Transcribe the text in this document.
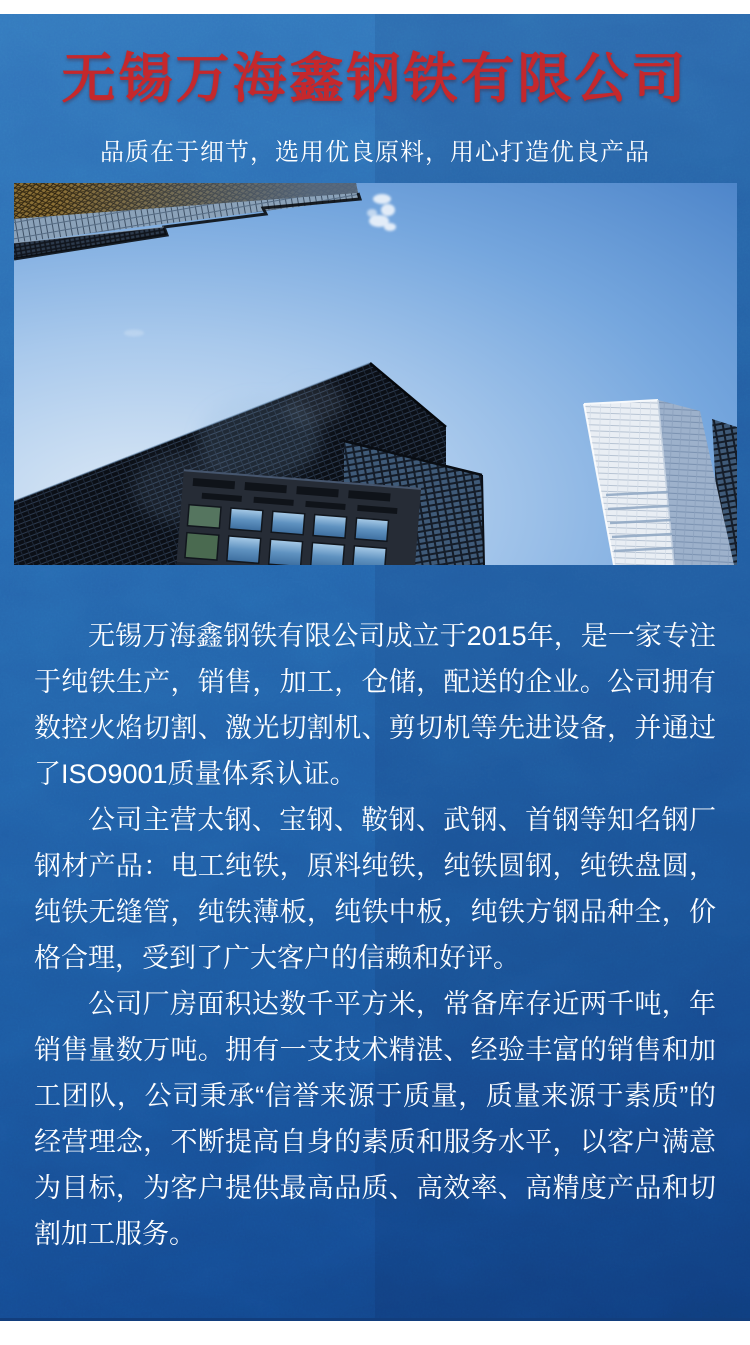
无锡万海鑫钢铁有限公司
品质在于细节，选用优良原料，用心打造优良产品

无锡万海鑫钢铁有限公司成立于2015年，是一家专注于纯铁生产，销售，加工，仓储，配送的企业。公司拥有数控火焰切割、激光切割机、剪切机等先进设备，并通过了ISO9001质量体系认证。

公司主营太钢、宝钢、鞍钢、武钢、首钢等知名钢厂钢材产品：电工纯铁，原料纯铁，纯铁圆钢，纯铁盘圆，纯铁无缝管，纯铁薄板，纯铁中板，纯铁方钢品种全，价格合理，受到了广大客户的信赖和好评。

公司厂房面积达数千平方米，常备库存近两千吨，年销售量数万吨。拥有一支技术精湛、经验丰富的销售和加工团队，公司秉承“信誉来源于质量，质量来源于素质”的经营理念，不断提高自身的素质和服务水平，以客户满意为目标，为客户提供最高品质、高效率、高精度产品和切割加工服务。
